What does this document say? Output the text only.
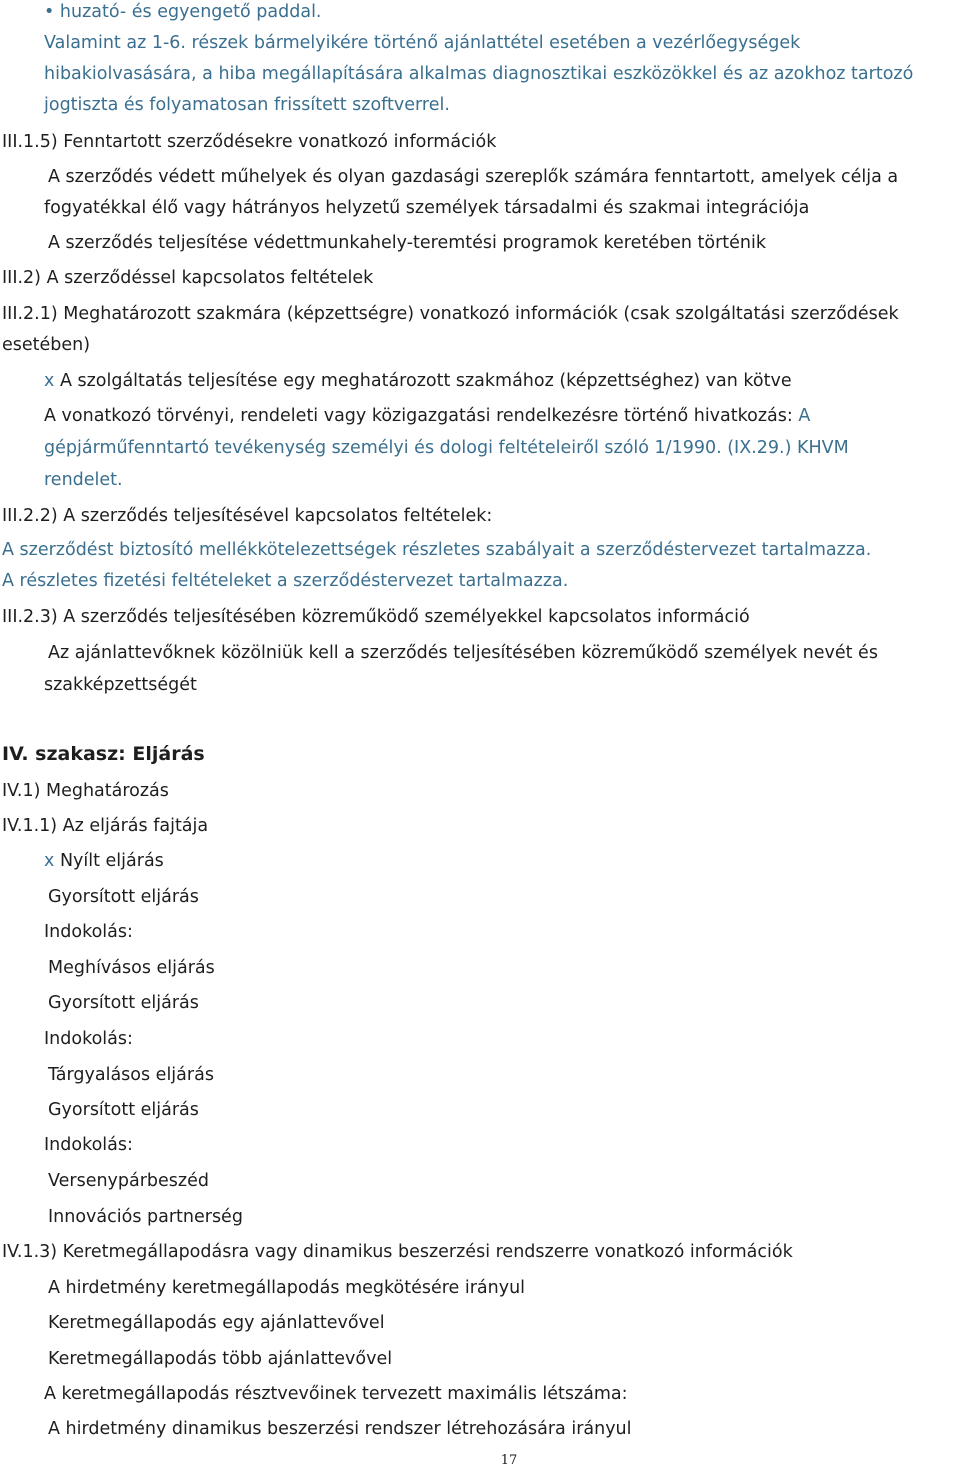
• huzató- és egyengető paddal.
Valamint az 1-6. részek bármelyikére történő ajánlattétel esetében a vezérlőegységek
hibakiolvasására, a hiba megállapítására alkalmas diagnosztikai eszközökkel és az azokhoz tartozó
jogtiszta és folyamatosan frissített szoftverrel.
III.1.5) Fenntartott szerződésekre vonatkozó információk
A szerződés védett műhelyek és olyan gazdasági szereplők számára fenntartott, amelyek célja a
fogyatékkal élő vagy hátrányos helyzetű személyek társadalmi és szakmai integrációja
A szerződés teljesítése védettmunkahely-teremtési programok keretében történik
III.2) A szerződéssel kapcsolatos feltételek
III.2.1) Meghatározott szakmára (képzettségre) vonatkozó információk (csak szolgáltatási szerződések
esetében)
x A szolgáltatás teljesítése egy meghatározott szakmához (képzettséghez) van kötve
A vonatkozó törvényi, rendeleti vagy közigazgatási rendelkezésre történő hivatkozás: A
gépjárműfenntartó tevékenység személyi és dologi feltételeiről szóló 1/1990. (IX.29.) KHVM
rendelet.
III.2.2) A szerződés teljesítésével kapcsolatos feltételek:
A szerződést biztosító mellékkötelezettségek részletes szabályait a szerződéstervezet tartalmazza.
A részletes fizetési feltételeket a szerződéstervezet tartalmazza.
III.2.3) A szerződés teljesítésében közreműködő személyekkel kapcsolatos információ
Az ajánlattevőknek közölniük kell a szerződés teljesítésében közreműködő személyek nevét és
szakképzettségét
IV. szakasz: Eljárás
IV.1) Meghatározás
IV.1.1) Az eljárás fajtája
x Nyílt eljárás
Gyorsított eljárás
Indokolás:
Meghívásos eljárás
Gyorsított eljárás
Indokolás:
Tárgyalásos eljárás
Gyorsított eljárás
Indokolás:
Versenypárbeszéd
Innovációs partnerség
IV.1.3) Keretmegállapodásra vagy dinamikus beszerzési rendszerre vonatkozó információk
A hirdetmény keretmegállapodás megkötésére irányul
Keretmegállapodás egy ajánlattevővel
Keretmegállapodás több ajánlattevővel
A keretmegállapodás résztvevőinek tervezett maximális létszáma:
A hirdetmény dinamikus beszerzési rendszer létrehozására irányul
17
